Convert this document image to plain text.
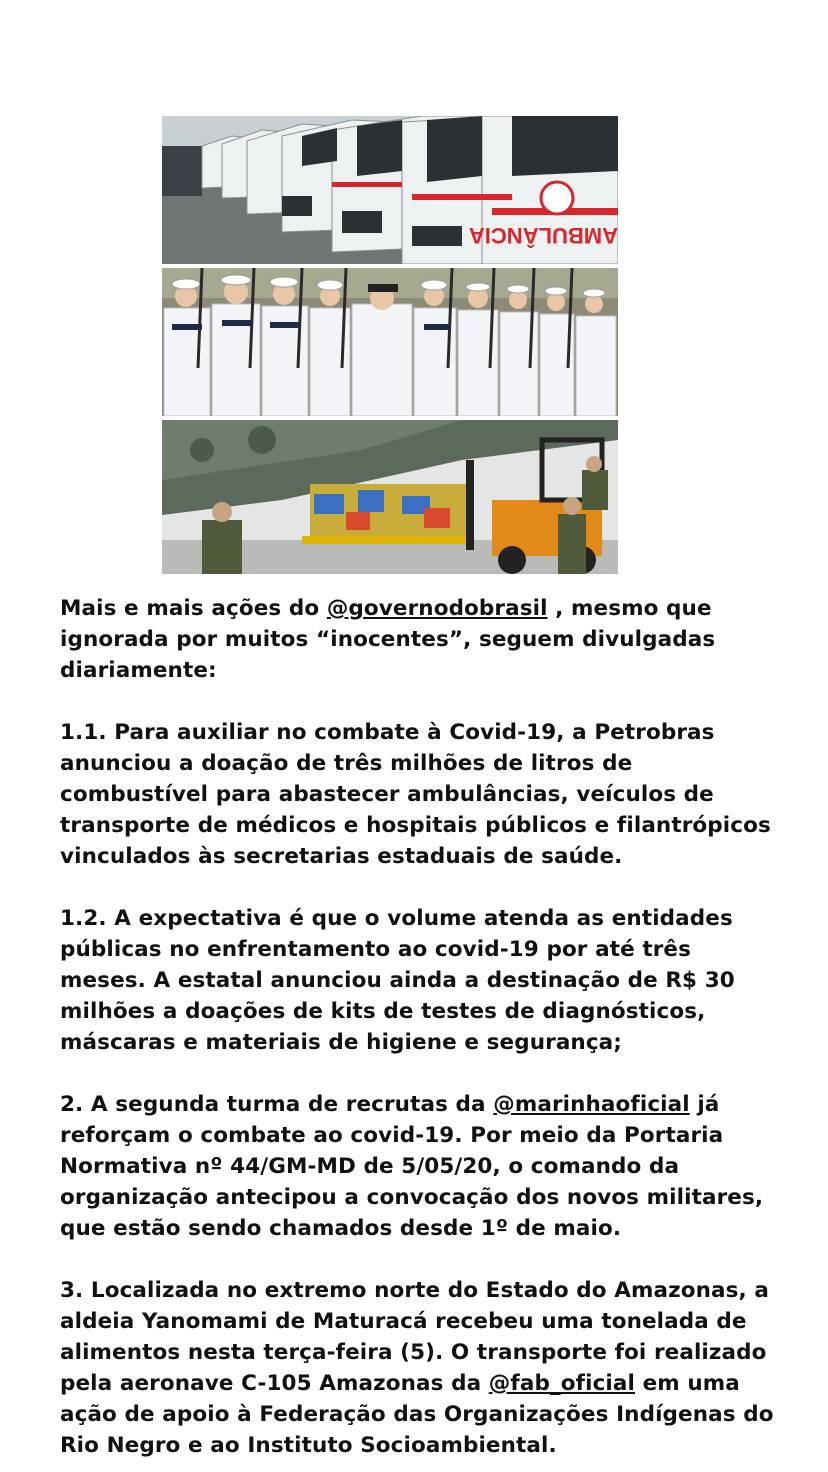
AMBULÂNCIA

Mais e mais ações do @governodobrasil , mesmo que ignorada por muitos “inocentes”, seguem divulgadas diariamente:

1.1. Para auxiliar no combate à Covid-19, a Petrobras anunciou a doação de três milhões de litros de combustível para abastecer ambulâncias, veículos de transporte de médicos e hospitais públicos e filantrópicos vinculados às secretarias estaduais de saúde.

1.2. A expectativa é que o volume atenda as entidades públicas no enfrentamento ao covid-19 por até três meses. A estatal anunciou ainda a destinação de R$ 30 milhões a doações de kits de testes de diagnósticos, máscaras e materiais de higiene e segurança;

2. A segunda turma de recrutas da @marinhaoficial já reforçam o combate ao covid-19. Por meio da Portaria Normativa nº 44/GM-MD de 5/05/20, o comando da organização antecipou a convocação dos novos militares, que estão sendo chamados desde 1º de maio.

3. Localizada no extremo norte do Estado do Amazonas, a aldeia Yanomami de Maturacá recebeu uma tonelada de alimentos nesta terça-feira (5). O transporte foi realizado pela aeronave C-105 Amazonas da @fab_oficial em uma ação de apoio à Federação das Organizações Indígenas do Rio Negro e ao Instituto Socioambiental.
